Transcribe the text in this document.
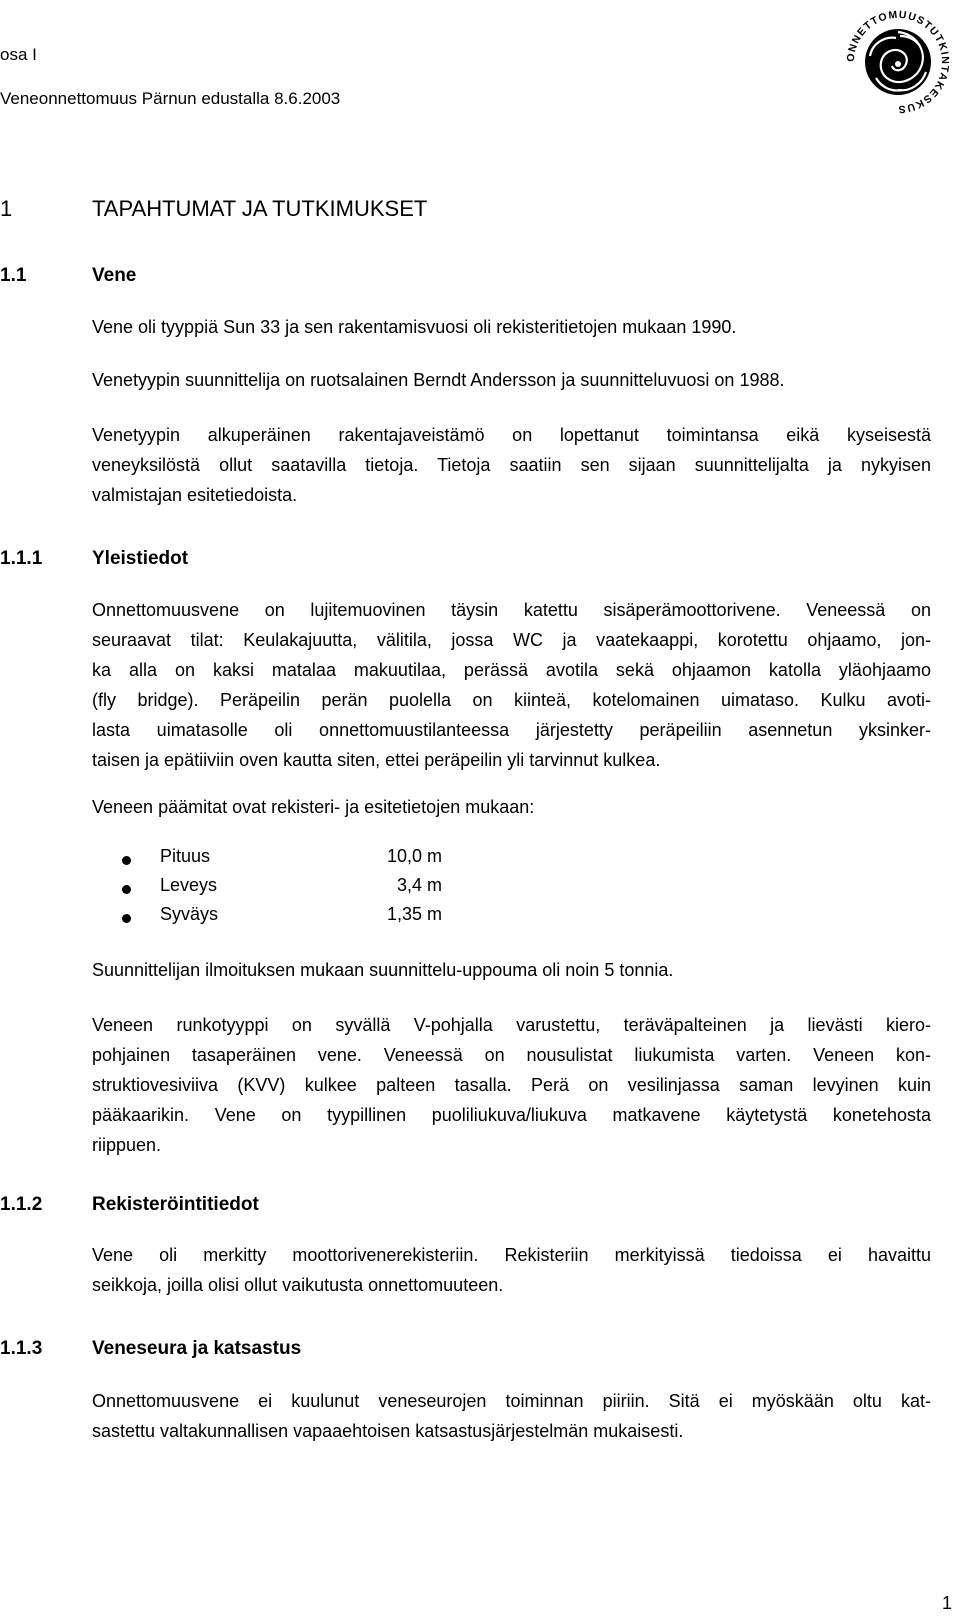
osa I
Veneonnettomuus Pärnun edustalla 8.6.2003
ONNETTOMUUSTUTKINTAKESKUS
1	TAPAHTUMAT JA TUTKIMUKSET
1.1	Vene
Vene oli tyyppiä Sun 33 ja sen rakentamisvuosi oli rekisteritietojen mukaan 1990.
Venetyypin suunnittelija on ruotsalainen Berndt Andersson ja suunnitteluvuosi on 1988.
Venetyypin alkuperäinen rakentajaveistämö on lopettanut toimintansa eikä kyseisestä
veneyksilöstä ollut saatavilla tietoja. Tietoja saatiin sen sijaan suunnittelijalta ja nykyisen
valmistajan esitetiedoista.
1.1.1	Yleistiedot
Onnettomuusvene on lujitemuovinen täysin katettu sisäperämoottorivene. Veneessä on
seuraavat tilat: Keulakajuutta, välitila, jossa WC ja vaatekaappi, korotettu ohjaamo, jon-
ka alla on kaksi matalaa makuutilaa, perässä avotila sekä ohjaamon katolla yläohjaamo
(fly bridge). Peräpeilin perän puolella on kiinteä, kotelomainen uimataso. Kulku avoti-
lasta uimatasolle oli onnettomuustilanteessa järjestetty peräpeiliin asennetun yksinker-
taisen ja epätiiviin oven kautta siten, ettei peräpeilin yli tarvinnut kulkea.
Veneen päämitat ovat rekisteri- ja esitetietojen mukaan:
Pituus	10,0 m
Leveys	3,4 m
Syväys	1,35 m
Suunnittelijan ilmoituksen mukaan suunnittelu-uppouma oli noin 5 tonnia.
Veneen runkotyyppi on syvällä V-pohjalla varustettu, teräväpalteinen ja lievästi kiero-
pohjainen tasaperäinen vene. Veneessä on nousulistat liukumista varten. Veneen kon-
struktiovesiviiva (KVV) kulkee palteen tasalla. Perä on vesilinjassa saman levyinen kuin
pääkaarikin. Vene on tyypillinen puoliliukuva/liukuva matkavene käytetystä konetehosta
riippuen.
1.1.2	Rekisteröintitiedot
Vene oli merkitty moottorivenerekisteriin. Rekisteriin merkityissä tiedoissa ei havaittu
seikkoja, joilla olisi ollut vaikutusta onnettomuuteen.
1.1.3	Veneseura ja katsastus
Onnettomuusvene ei kuulunut veneseurojen toiminnan piiriin. Sitä ei myöskään oltu kat-
sastettu valtakunnallisen vapaaehtoisen katsastusjärjestelmän mukaisesti.
1
